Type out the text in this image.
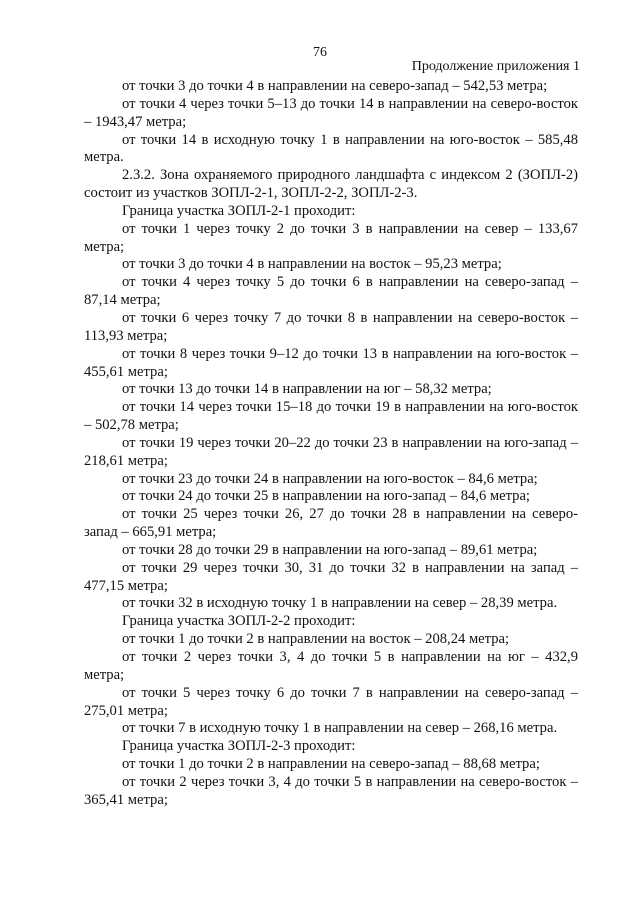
76
Продолжение приложения 1

от точки 3 до точки 4 в направлении на северо-запад – 542,53 метра;

от точки 4 через точки 5–13 до точки 14 в направлении на северо-восток – 1943,47 метра;

от точки 14 в исходную точку 1 в направлении на юго-восток – 585,48 метра.

2.3.2. Зона охраняемого природного ландшафта с индексом 2 (ЗОПЛ-2) состоит из участков ЗОПЛ-2-1, ЗОПЛ-2-2, ЗОПЛ-2-3.

Граница участка ЗОПЛ-2-1 проходит:

от точки 1 через точку 2 до точки 3 в направлении на север – 133,67 метра;

от точки 3 до точки 4 в направлении на восток – 95,23 метра;

от точки 4 через точку 5 до точки 6 в направлении на северо-запад – 87,14 метра;

от точки 6 через точку 7 до точки 8 в направлении на северо-восток – 113,93 метра;

от точки 8 через точки 9–12 до точки 13 в направлении на юго-восток – 455,61 метра;

от точки 13 до точки 14 в направлении на юг – 58,32 метра;

от точки 14 через точки 15–18 до точки 19 в направлении на юго-восток – 502,78 метра;

от точки 19 через точки 20–22 до точки 23 в направлении на юго-запад – 218,61 метра;

от точки 23 до точки 24 в направлении на юго-восток – 84,6 метра;

от точки 24 до точки 25 в направлении на юго-запад – 84,6 метра;

от точки 25 через точки 26, 27 до точки 28 в направлении на северо-запад – 665,91 метра;

от точки 28 до точки 29 в направлении на юго-запад – 89,61 метра;

от точки 29 через точки 30, 31 до точки 32 в направлении на запад – 477,15 метра;

от точки 32 в исходную точку 1 в направлении на север – 28,39 метра.

Граница участка ЗОПЛ-2-2 проходит:

от точки 1 до точки 2 в направлении на восток – 208,24 метра;

от точки 2 через точки 3, 4 до точки 5 в направлении на юг – 432,9 метра;

от точки 5 через точку 6 до точки 7 в направлении на северо-запад – 275,01 метра;

от точки 7 в исходную точку 1 в направлении на север – 268,16 метра.

Граница участка ЗОПЛ-2-3 проходит:

от точки 1 до точки 2 в направлении на северо-запад – 88,68 метра;

от точки 2 через точки 3, 4 до точки 5 в направлении на северо-восток – 365,41 метра;
